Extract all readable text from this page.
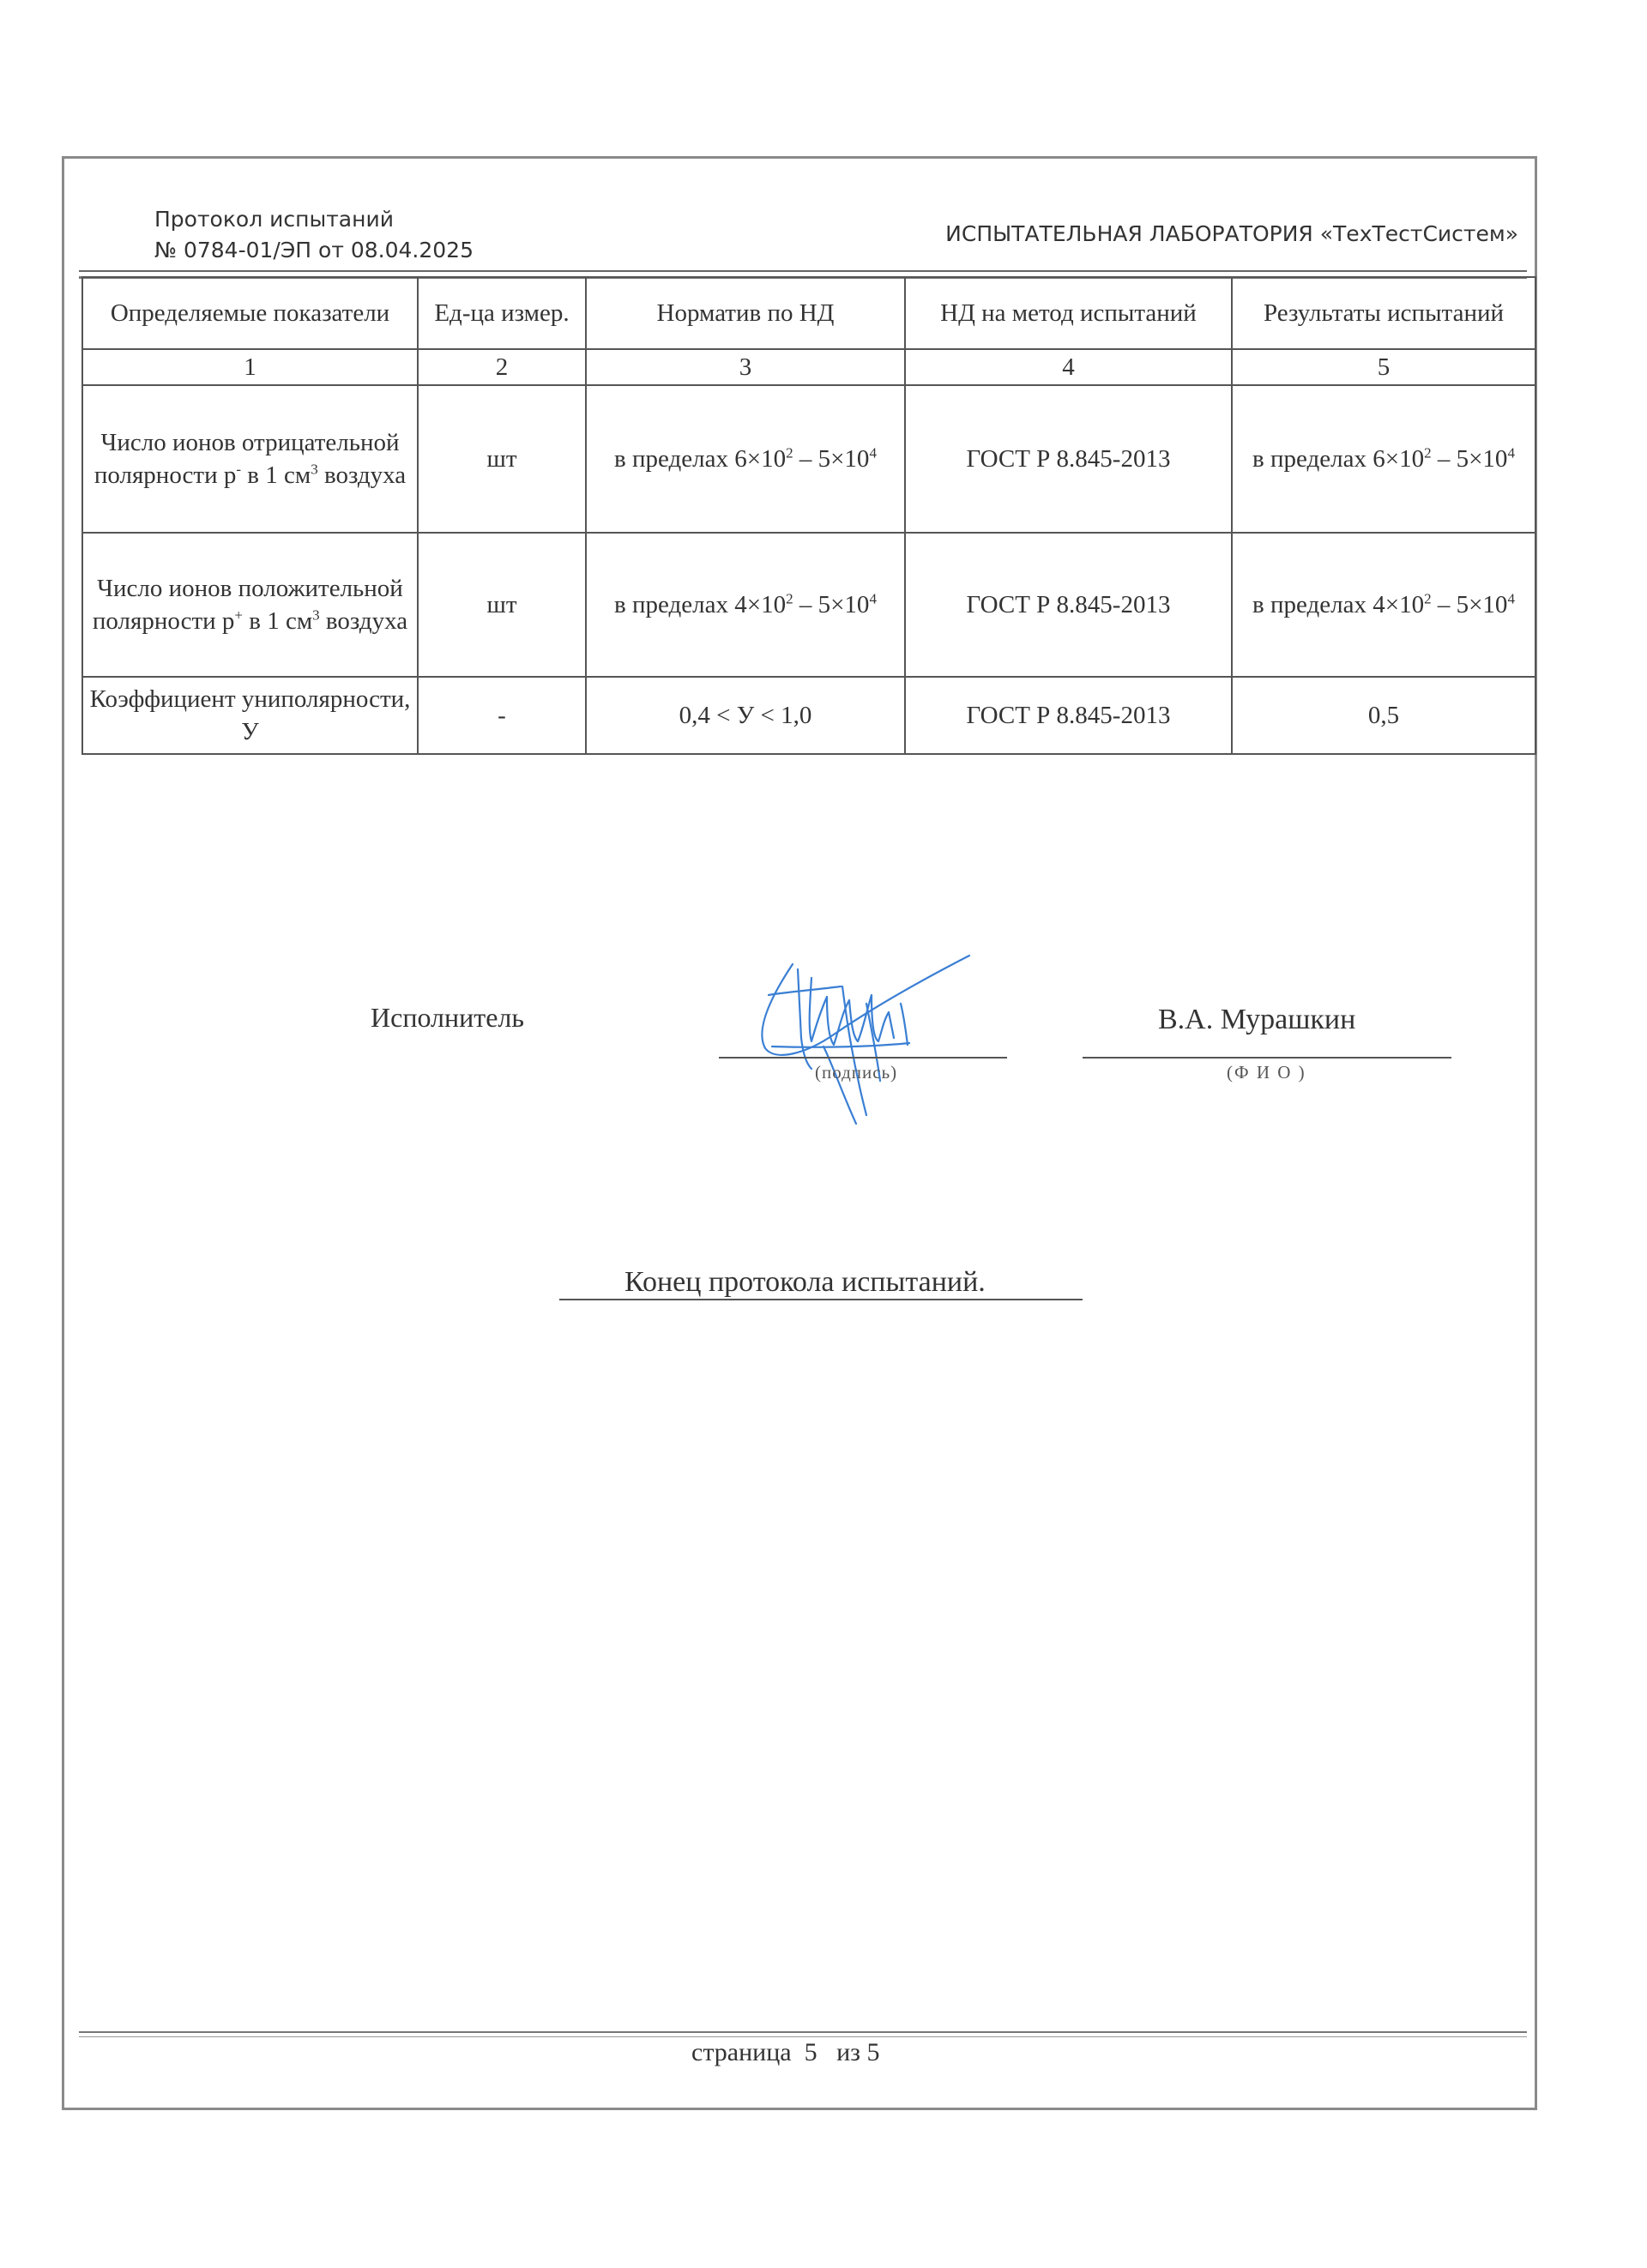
Протокол испытаний
№ 0784-01/ЭП от 08.04.2025
ИСПЫТАТЕЛЬНАЯ ЛАБОРАТОРИЯ «ТехТестСистем»
Определяемые показатели	Ед-ца измер.	Норматив по НД	НД на метод испытаний	Результаты испытаний
1	2	3	4	5
Число ионов отрицательной полярности р- в 1 $см^3$ воздуха	шт	в пределах $6\times 10^2 - 5\times 10^4$	ГОСТ Р 8.845-2013	в пределах $6\times 10^2 - 5\times 10^4$
Число ионов положительной полярности р+ в 1 $см^3$ воздуха	шт	в пределах $4\times 10^2 - 5\times 10^4$	ГОСТ Р 8.845-2013	в пределах $4\times 10^2 - 5\times 10^4$
Коэффициент униполярности, У	-	0,4 < У < 1,0	ГОСТ Р 8.845-2013	0,5
Исполнитель
(подпись)
В.А. Мурашкин
(Ф И О )
Конец протокола испытаний.
страница  5   из 5
